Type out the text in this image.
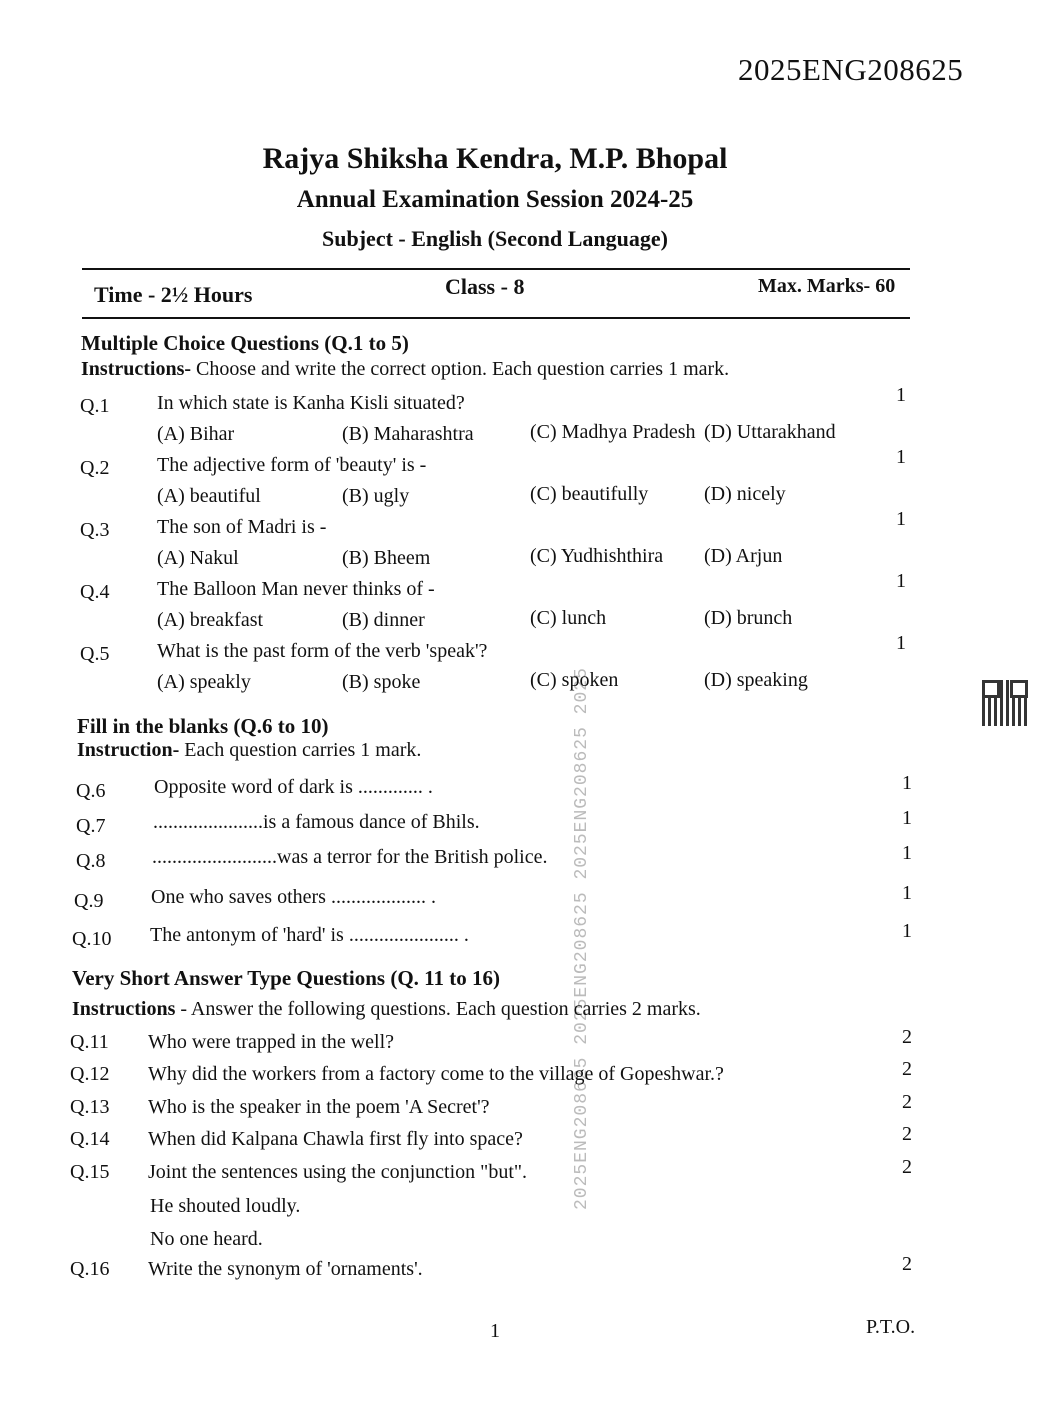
2025ENG208625
Rajya Shiksha Kendra, M.P. Bhopal
Annual Examination Session 2024-25
Subject - English (Second Language)
Time - 2½ Hours	Class - 8	Max. Marks- 60
2025ENG208625 2025ENG208625 2025ENG208625 2025
Multiple Choice Questions (Q.1 to 5)
Instructions- Choose and write the correct option. Each question carries 1 mark.
Q.1 In which state is Kanha Kisli situated?	1
(A) Bihar	(B) Maharashtra	(C) Madhya Pradesh (D) Uttarakhand
Q.2 The adjective form of 'beauty' is -	1
(A) beautiful	(B) ugly	(C) beautifully	(D) nicely
Q.3 The son of Madri is -	1
(A) Nakul	(B) Bheem	(C) Yudhishthira (D) Arjun
Q.4 The Balloon Man never thinks of -	1
(A) breakfast	(B) dinner	(C) lunch	(D) brunch
Q.5 What is the past form of the verb 'speak'?	1
(A) speakly	(B) spoke	(C) spoken	(D) speaking
Fill in the blanks (Q.6 to 10)
Instruction- Each question carries 1 mark.
Q.6 Opposite word of dark is ............. .	1
Q.7 ......................is a famous dance of Bhils.	1
Q.8 .........................was a terror for the British police.	1
Q.9 One who saves others ................... .	1
Q.10 The antonym of 'hard' is ...................... .	1
Very Short Answer Type Questions (Q. 11 to 16)
Instructions - Answer the following questions. Each question carries 2 marks.
Q.11 Who were trapped in the well?	2
Q.12 Why did the workers from a factory come to the village of Gopeshwar.?	2
Q.13 Who is the speaker in the poem 'A Secret'?	2
Q.14 When did Kalpana Chawla first fly into space?	2
Q.15 Joint the sentences using the conjunction "but".	2
He shouted loudly.
No one heard.
Q.16 Write the synonym of 'ornaments'.	2
1	P.T.O.
